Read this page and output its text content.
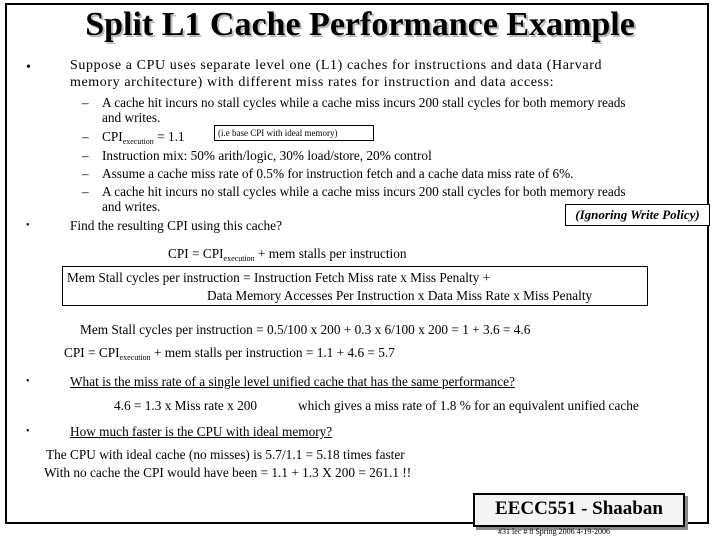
Split L1 Cache Performance Example
•	Suppose a CPU uses separate level one (L1) caches for instructions and data (Harvard
memory architecture) with different miss rates for instruction and data access:
– A cache hit incurs no stall cycles while a cache miss incurs 200 stall cycles for both memory reads
and writes.
– $CPI_{execution} = 1.1$	(i.e base CPI with ideal memory)
– Instruction mix: 50% arith/logic, 30% load/store, 20% control
– Assume a cache miss rate of 0.5% for instruction fetch and a cache data miss rate of 6%.
– A cache hit incurs no stall cycles while a cache miss incurs 200 stall cycles for both memory reads
and writes.
(Ignoring Write Policy)
•	Find the resulting CPI using this cache?
CPI = $CPI_{execution}$ + mem stalls per instruction
Mem Stall cycles per instruction = Instruction Fetch Miss rate x Miss Penalty +
Data Memory Accesses Per Instruction x Data Miss Rate x Miss Penalty
Mem Stall cycles per instruction = 0.5/100 x 200 + 0.3 x 6/100 x 200 = 1 + 3.6 = 4.6
CPI = $CPI_{execution}$ + mem stalls per instruction = 1.1 + 4.6 = 5.7
•	What is the miss rate of a single level unified cache that has the same performance?
4.6 = 1.3 x Miss rate x 200	which gives a miss rate of 1.8 % for an equivalent unified cache
•	How much faster is the CPU with ideal memory?
The CPU with ideal cache (no misses) is 5.7/1.1 = 5.18 times faster
With no cache the CPI would have been = 1.1 + 1.3 X 200 = 261.1 !!
EECC551 - Shaaban
#31 lec # 8 Spring 2006 4-19-2006
